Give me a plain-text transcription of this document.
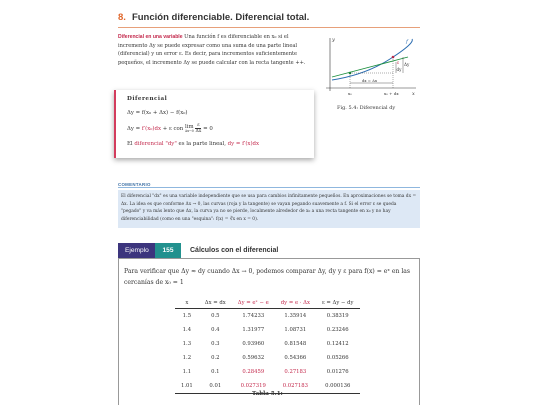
8. Función diferenciable. Diferencial total.
Diferencial en una variable Una función f es diferenciable en x₀ si el incremento Δy se puede expresar como una suma de una parte lineal (diferencial) y un error ε. Es decir, para incrementos suficientemente pequeños, el incremento Δy se puede calcular con la recta tangente ++.
Diferencial
Δy = f(x₀ + Δx) − f(x₀)
Δy = f′(x₀)dx + ε con lim
$\Delta x\to 0 \frac{\varepsilon}{\Delta x} = 0$
El diferencial "dy" es la parte lineal, dy = f′(x)dx
y
x
f
ε Δy
dy
dx = Δx
x₀	x₀ + dx
Fig. 5.4: Diferencial dy
COMENTARIO
El diferencial "dx" es una variable independiente que se usa para cambios infinitamente pequeños. En aproximaciones se toma dx = Δx. La idea es que conforme Δx → 0, las curvas (roja y la tangente) se vayan pegando suavemente a f. Si el error ε se queda "pegado" y va más lento que Δx, la curva ya no se pierde, localmente alrededor de x₀ a una recta tangente en x₀ y no hay diferenciabilidad (como en una "esquina": f(x) = ∛x en x = 0).
Ejemplo	155	Cálculos con el diferencial
Para verificar que Δy ≈ dy cuando Δx → 0, podemos comparar Δy, dy y ε para f(x) = eˣ en las cercanías de x₀ = 1
x	Δx = dx	Δy = eˣ − e	dy = e · Δx	ε = Δy − dy
1.5	0.5	1.74233	1.35914	0.38319
1.4	0.4	1.31977	1.08731	0.23246
1.3	0.3	0.93960	0.81548	0.12412
1.2	0.2	0.59632	0.54366	0.05266
1.1	0.1	0.28459	0.27183	0.01276
1.01	0.01	0.027319	0.027183	0.000136
Tabla 5.1:
